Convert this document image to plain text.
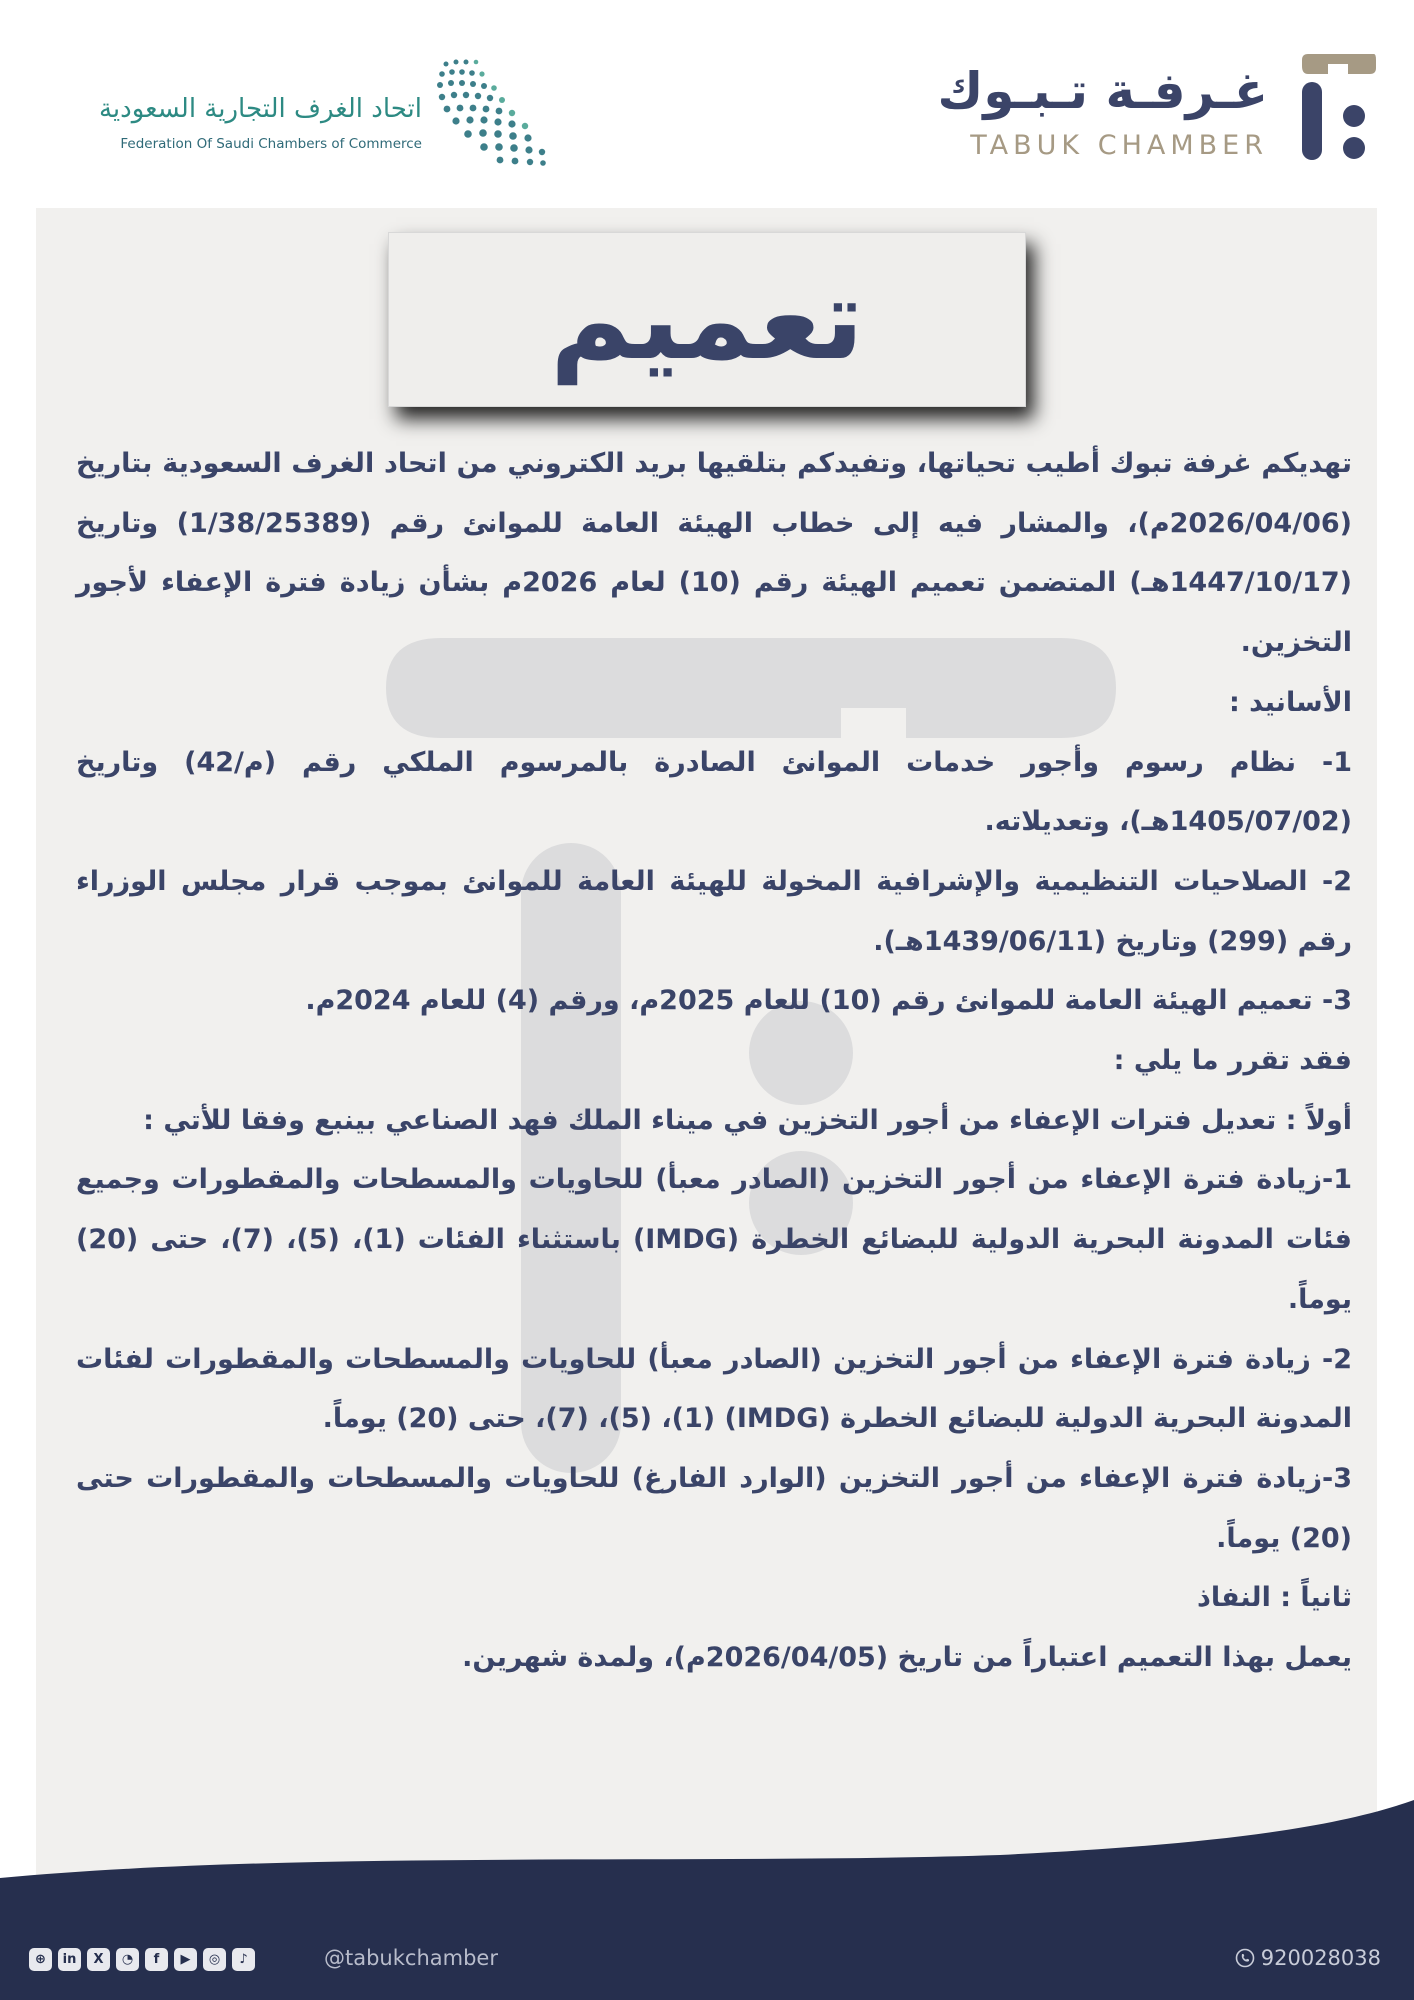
غـرفـة تـبـوك
TABUK CHAMBER
اتحاد الغرف التجارية السعودية
Federation Of Saudi Chambers of Commerce
تعميم

تهديكم غرفة تبوك أطيب تحياتها، وتفيدكم بتلقيها بريد الكتروني من اتحاد الغرف السعودية بتاريخ (2026/04/06م)، والمشار فيه إلى خطاب الهيئة العامة للموانئ رقم (1/38/25389) وتاريخ (1447/10/17هـ) المتضمن تعميم الهيئة رقم (10) لعام 2026م بشأن زيادة فترة الإعفاء لأجور التخزين.

الأسانيد :

1- نظام رسوم وأجور خدمات الموانئ الصادرة بالمرسوم الملكي رقم (م/42) وتاريخ (1405/07/02هـ)، وتعديلاته.

2- الصلاحيات التنظيمية والإشرافية المخولة للهيئة العامة للموانئ بموجب قرار مجلس الوزراء رقم (299) وتاريخ (1439/06/11هـ).

3- تعميم الهيئة العامة للموانئ رقم (10) للعام 2025م، ورقم (4) للعام 2024م.

فقد تقرر ما يلي :

أولاً : تعديل فترات الإعفاء من أجور التخزين في ميناء الملك فهد الصناعي بينبع وفقا للأتي :

1-زيادة فترة الإعفاء من أجور التخزين (الصادر معبأ) للحاويات والمسطحات والمقطورات وجميع فئات المدونة البحرية الدولية للبضائع الخطرة (IMDG) باستثناء الفئات (1)، (5)، (7)، حتى (20) يوماً.

2- زيادة فترة الإعفاء من أجور التخزين (الصادر معبأ) للحاويات والمسطحات والمقطورات لفئات المدونة البحرية الدولية للبضائع الخطرة (IMDG) (1)، (5)، (7)، حتى (20) يوماً.

3-زيادة فترة الإعفاء من أجور التخزين (الوارد الفارغ) للحاويات والمسطحات والمقطورات حتى (20) يوماً.

ثانياً : النفاذ

يعمل بهذا التعميم اعتباراً من تاريخ (2026/04/05م)، ولمدة شهرين.

⊕	in	X	◔	f	▶	◎	♪	@tabukchamber	920028038
